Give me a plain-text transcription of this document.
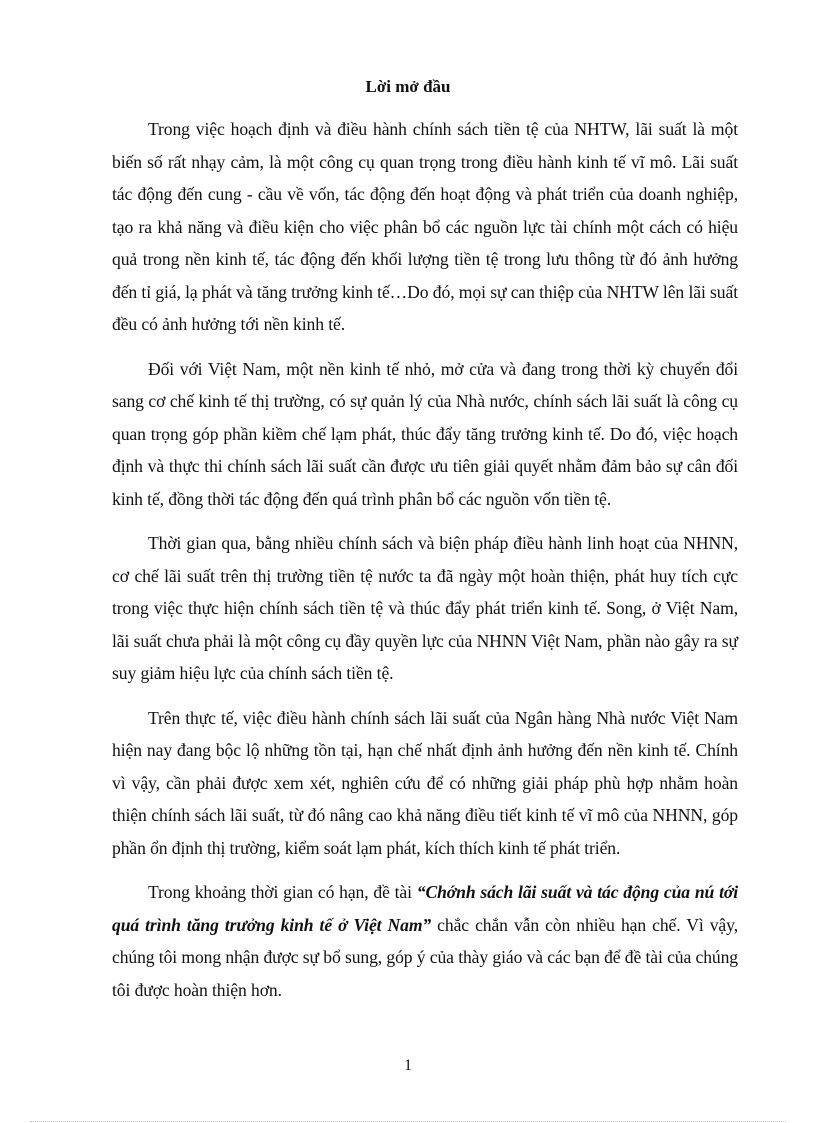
Lời mở đầu

Trong việc hoạch định và điều hành chính sách tiền tệ của NHTW, lãi suất là một biến số rất nhạy cảm, là một công cụ quan trọng trong điều hành kinh tế vĩ mô. Lãi suất tác động đến cung - cầu về vốn, tác động đến hoạt động và phát triển của doanh nghiệp, tạo ra khả năng và điều kiện cho việc phân bổ các nguồn lực tài chính một cách có hiệu quả trong nền kinh tế, tác động đến khối lượng tiền tệ trong lưu thông từ đó ảnh hưởng đến tỉ giá, lạ phát và tăng trưởng kinh tế…Do đó, mọi sự can thiệp của NHTW lên lãi suất đều có ảnh hưởng tới nền kinh tế.

Đối với Việt Nam, một nền kinh tế nhỏ, mở cửa và đang trong thời kỳ chuyển đổi sang cơ chế kinh tế thị trường, có sự quản lý của Nhà nước, chính sách lãi suất là công cụ quan trọng góp phần kiềm chế lạm phát, thúc đẩy tăng trưởng kinh tế. Do đó, việc hoạch định và thực thi chính sách lãi suất cần được ưu tiên giải quyết nhằm đảm bảo sự cân đối kinh tế, đồng thời tác động đến quá trình phân bổ các nguồn vốn tiền tệ.

Thời gian qua, bằng nhiều chính sách và biện pháp điều hành linh hoạt của NHNN, cơ chế lãi suất trên thị trường tiền tệ nước ta đã ngày một hoàn thiện, phát huy tích cực trong việc thực hiện chính sách tiền tệ và thúc đẩy phát triển kinh tế. Song, ở Việt Nam, lãi suất chưa phải là một công cụ đầy quyền lực của NHNN Việt Nam, phần nào gây ra sự suy giảm hiệu lực của chính sách tiền tệ.

Trên thực tế, việc điều hành chính sách lãi suất của Ngân hàng Nhà nước Việt Nam hiện nay đang bộc lộ những tồn tại, hạn chế nhất định ảnh hưởng đến nền kinh tế. Chính vì vậy, cần phải được xem xét, nghiên cứu để có những giải pháp phù hợp nhằm hoàn thiện chính sách lãi suất, từ đó nâng cao khả năng điều tiết kinh tế vĩ mô của NHNN, góp phần ổn định thị trường, kiểm soát lạm phát, kích thích kinh tế phát triển.

Trong khoảng thời gian có hạn, đề tài “Chớnh sách lãi suất và tác động của nú tới quá trình tăng trưởng kinh tế ở Việt Nam” chắc chắn vẫn còn nhiều hạn chế. Vì vậy, chúng tôi mong nhận được sự bổ sung, góp ý của thày giáo và các bạn để đề tài của chúng tôi được hoàn thiện hơn.

1
